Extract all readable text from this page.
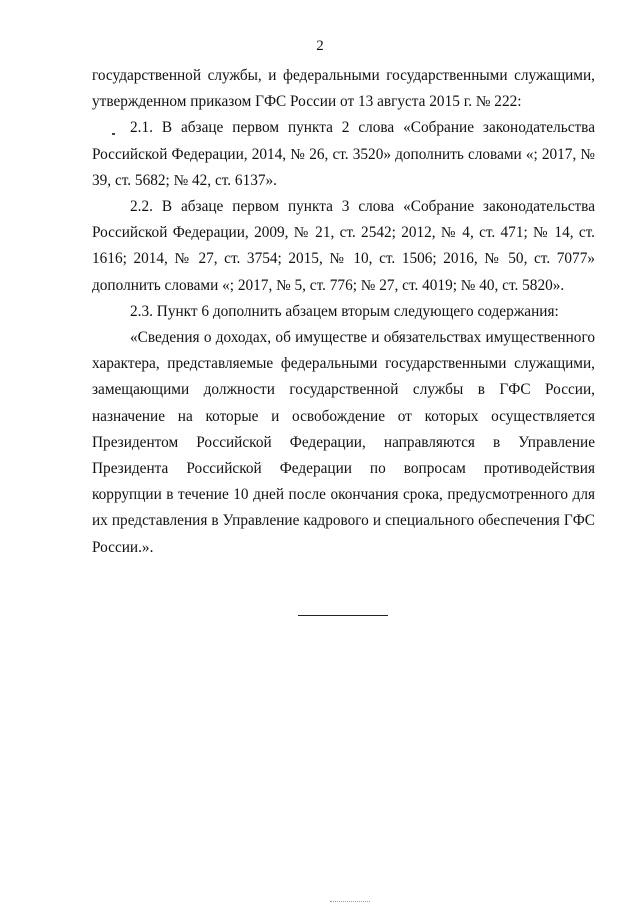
2

государственной службы, и федеральными государственными служащими, утвержденном приказом ГФС России от 13 августа 2015 г. № 222:

2.1. В абзаце первом пункта 2 слова «Собрание законодательства Российской Федерации, 2014, № 26, ст. 3520» дополнить словами «; 2017, № 39, ст. 5682; № 42, ст. 6137».

2.2. В абзаце первом пункта 3 слова «Собрание законодательства Российской Федерации, 2009, № 21, ст. 2542; 2012, № 4, ст. 471; № 14, ст. 1616; 2014, № 27, ст. 3754; 2015, № 10, ст. 1506; 2016, № 50, ст. 7077» дополнить словами «; 2017, № 5, ст. 776; № 27, ст. 4019; № 40, ст. 5820».

2.3. Пункт 6 дополнить абзацем вторым следующего содержания:

«Сведения о доходах, об имуществе и обязательствах имущественного характера, представляемые федеральными государственными служащими, замещающими должности государственной службы в ГФС России, назначение на которые и освобождение от которых осуществляется Президентом Российской Федерации, направляются в Управление Президента Российской Федерации по вопросам противодействия коррупции в течение 10 дней после окончания срока, предусмотренного для их представления в Управление кадрового и специального обеспечения ГФС России.».
